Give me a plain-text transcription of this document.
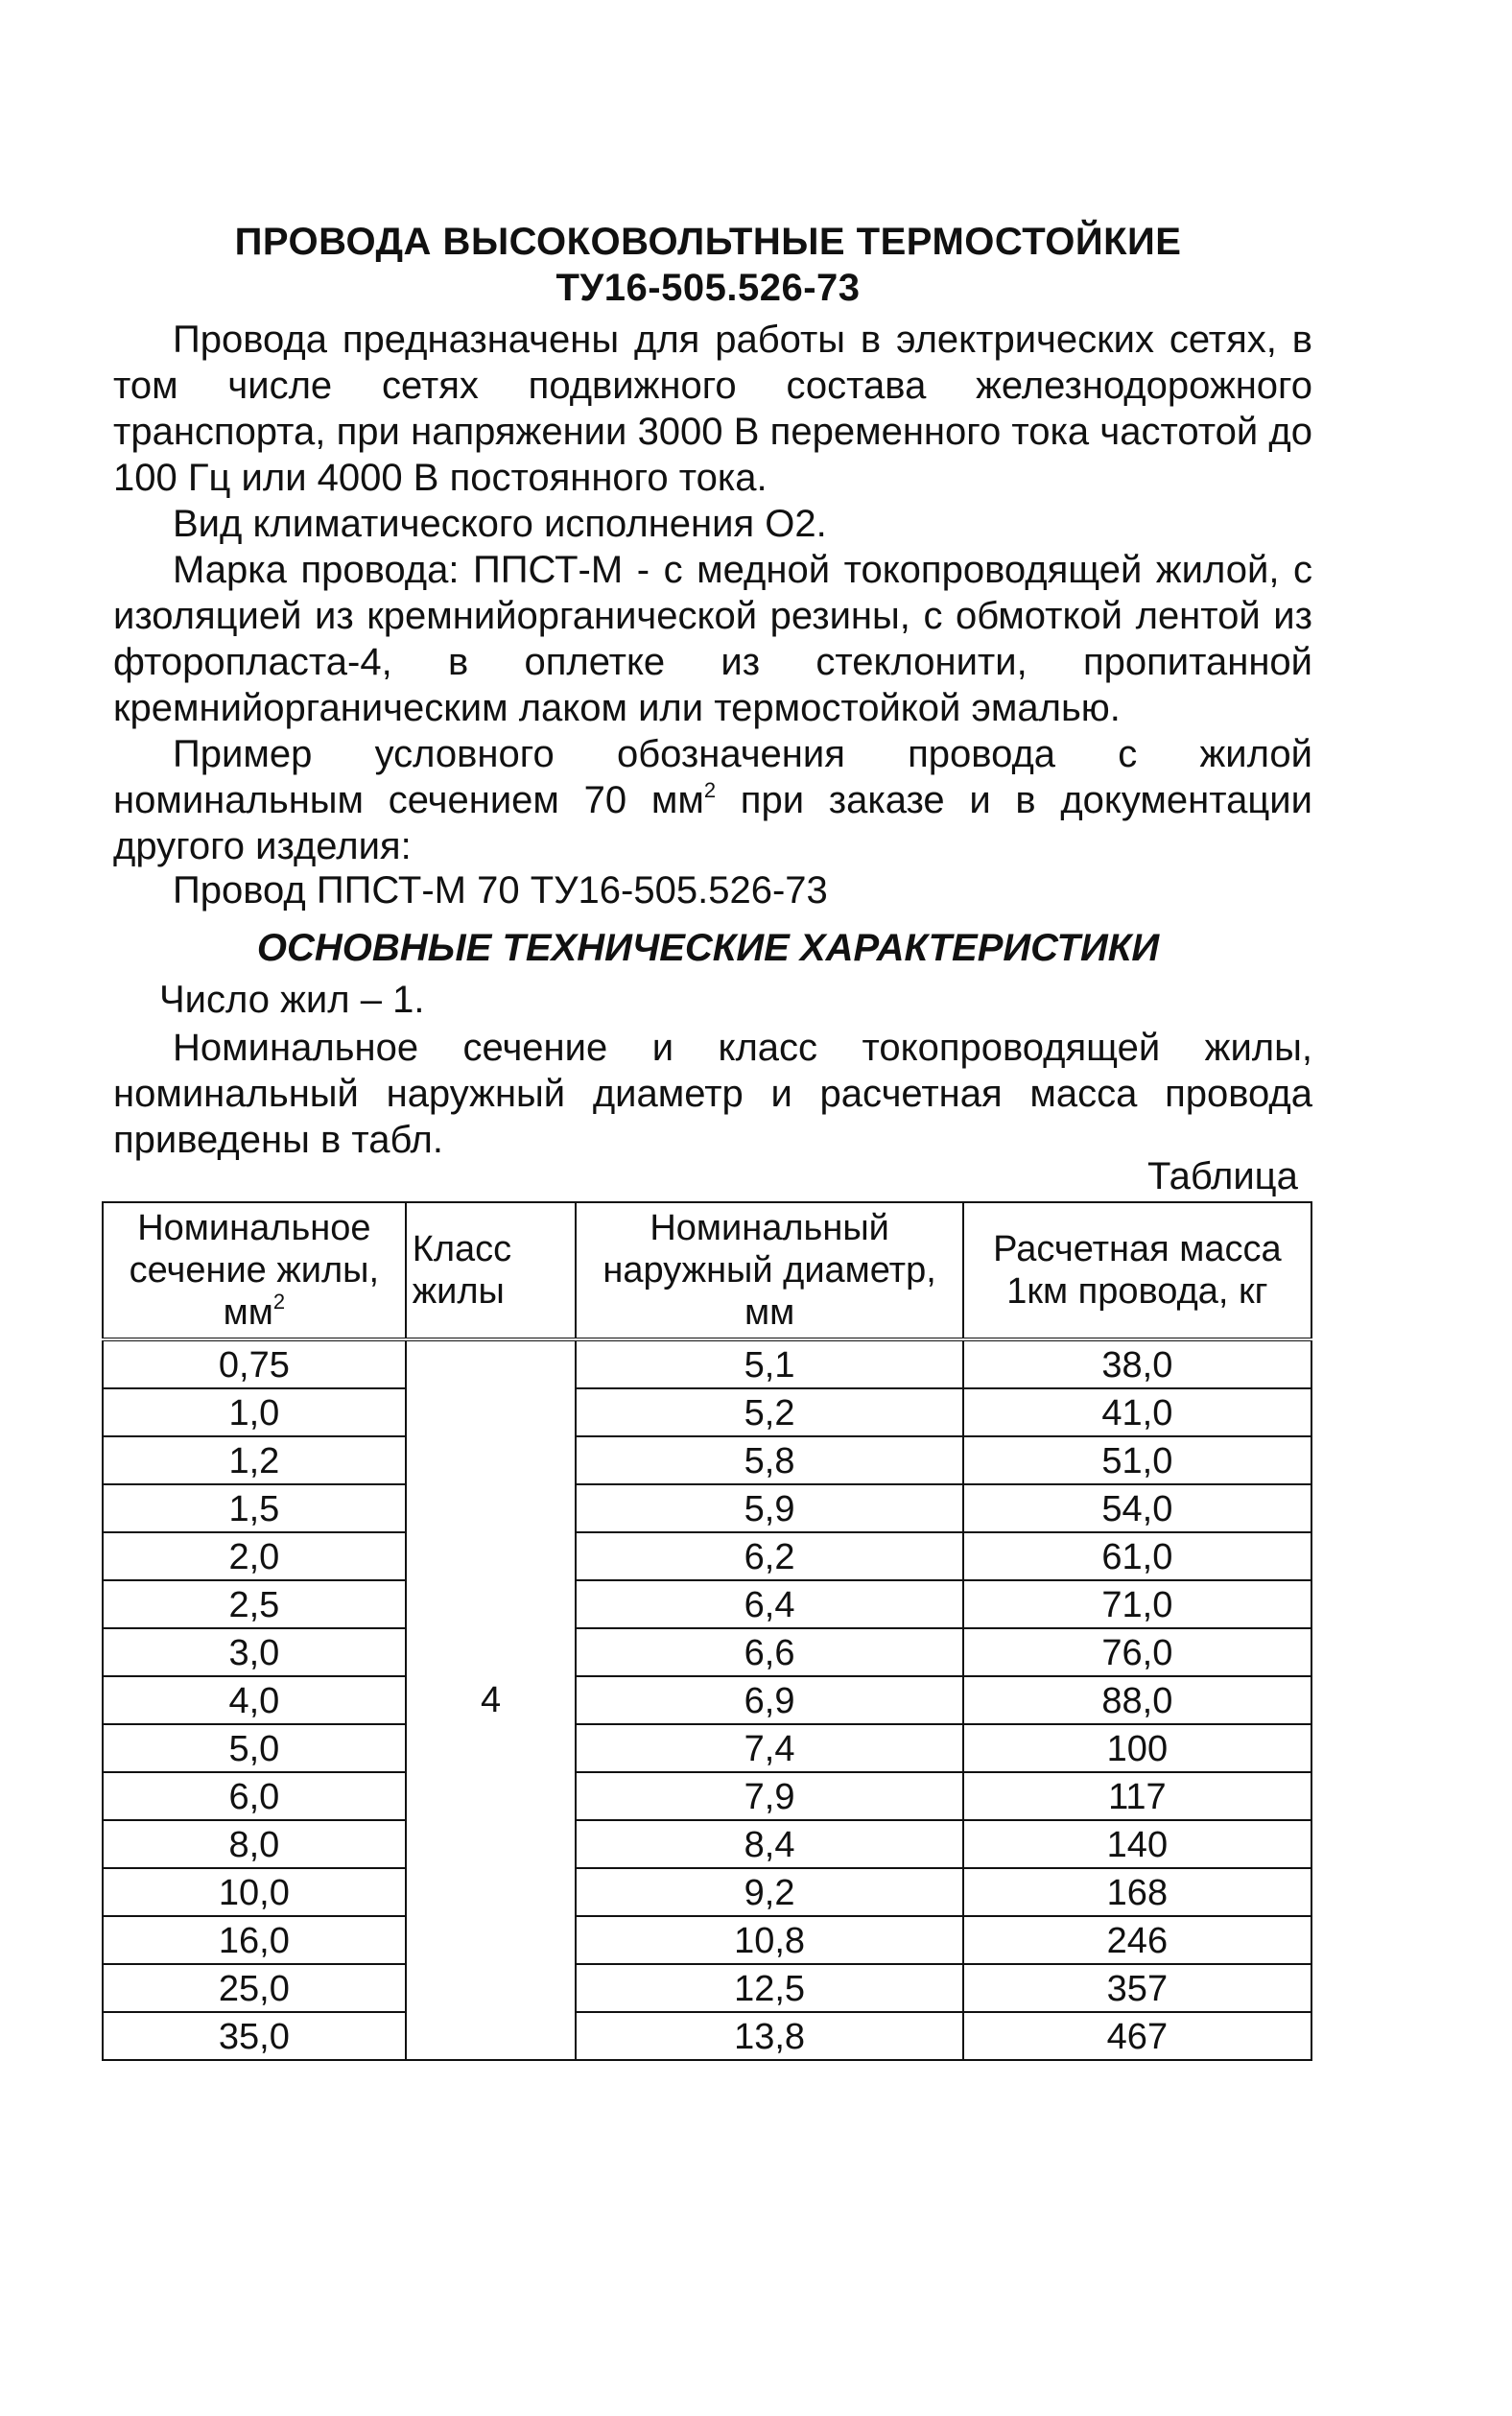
ПРОВОДА ВЫСОКОВОЛЬТНЫЕ ТЕРМОСТОЙКИЕ
ТУ16-505.526-73
Провода предназначены для работы в электрических сетях, в том числе сетях подвижного состава железнодорожного транспорта, при напряжении 3000 В переменного тока частотой до 100 Гц или 4000 В постоянного тока.
Вид климатического исполнения О2.
Марка провода: ППСТ-М - с медной токопроводящей жилой, с изоляцией из кремнийорганической резины, с обмоткой лентой из фторопласта-4, в оплетке из стеклонити, пропитанной кремнийорганическим лаком или термостойкой эмалью.
Пример условного обозначения провода с жилой номинальным сечением 70 $мм^2$ при заказе и в документации другого изделия:
Провод ППСТ-М 70 ТУ16-505.526-73
ОСНОВНЫЕ ТЕХНИЧЕСКИЕ ХАРАКТЕРИСТИКИ
Число жил – 1.
Номинальное сечение и класс токопроводящей жилы, номинальный наружный диаметр и расчетная масса провода приведены в табл.
Таблица
Номинальное сечение жилы, $мм^2$	Класс жилы	Номинальный наружный диаметр, мм	Расчетная масса 1км провода, кг
0,75	4	5,1	38,0
1,0		5,2	41,0
1,2		5,8	51,0
1,5		5,9	54,0
2,0		6,2	61,0
2,5		6,4	71,0
3,0		6,6	76,0
4,0		6,9	88,0
5,0		7,4	100
6,0		7,9	117
8,0		8,4	140
10,0		9,2	168
16,0		10,8	246
25,0		12,5	357
35,0		13,8	467
